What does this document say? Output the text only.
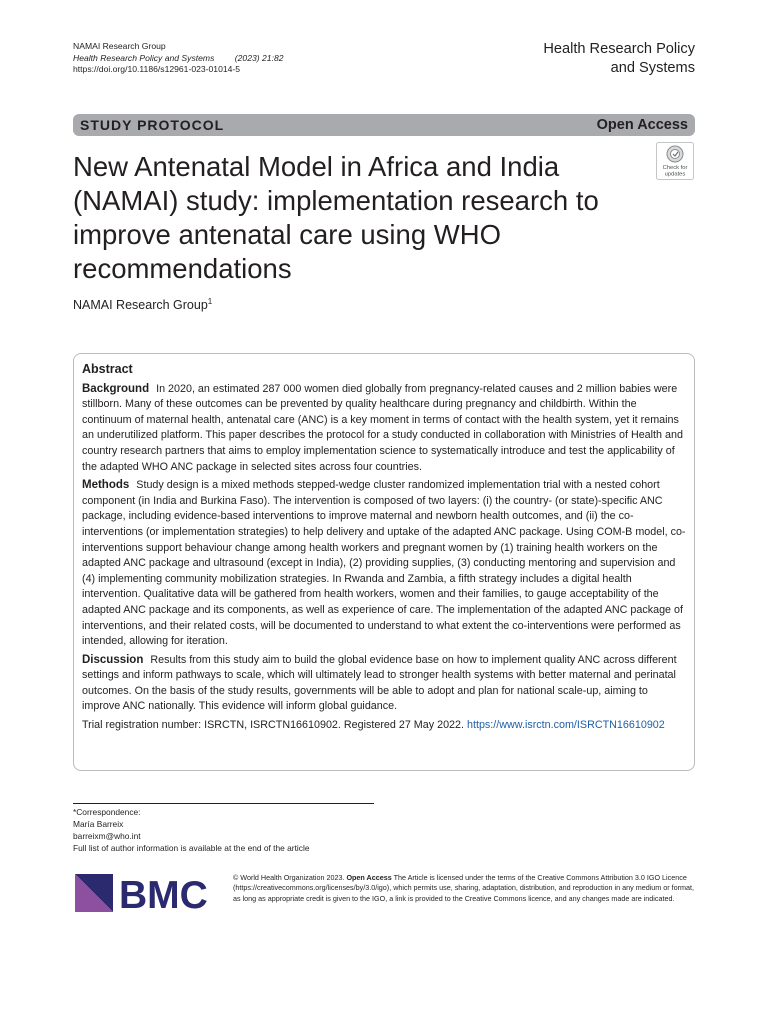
NAMAI Research Group
Health Research Policy and Systems (2023) 21:82
https://doi.org/10.1186/s12961-023-01014-5
Health Research Policy
and Systems
STUDY PROTOCOL	Open Access
New Antenatal Model in Africa and India (NAMAI) study: implementation research to improve antenatal care using WHO recommendations
Check for
updates
NAMAI Research Group$^1$
Abstract

Background In 2020, an estimated 287 000 women died globally from pregnancy-related causes and 2 million babies were stillborn. Many of these outcomes can be prevented by quality healthcare during pregnancy and childbirth. Within the continuum of maternal health, antenatal care (ANC) is a key moment in terms of contact with the health system, yet it remains an underutilized platform. This paper describes the protocol for a study conducted in collaboration with Ministries of Health and country research partners that aims to employ implementation science to systematically introduce and test the applicability of the adapted WHO ANC package in selected sites across four countries.

Methods Study design is a mixed methods stepped-wedge cluster randomized implementation trial with a nested cohort component (in India and Burkina Faso). The intervention is composed of two layers: (i) the country- (or state)-specific ANC package, including evidence-based interventions to improve maternal and newborn health outcomes, and (ii) the co-interventions (or implementation strategies) to help delivery and uptake of the adapted ANC package. Using COM-B model, co-interventions support behaviour change among health workers and pregnant women by (1) training health workers on the adapted ANC package and ultrasound (except in India), (2) providing supplies, (3) conducting mentoring and supervision and (4) implementing community mobilization strategies. In Rwanda and Zambia, a fifth strategy includes a digital health intervention. Qualitative data will be gathered from health workers, women and their families, to gauge acceptability of the adapted ANC package and its components, as well as experience of care. The implementation of the adapted ANC package of interventions, and their related costs, will be documented to understand to what extent the co-interventions were performed as intended, allowing for iteration.

Discussion Results from this study aim to build the global evidence base on how to implement quality ANC across different settings and inform pathways to scale, which will ultimately lead to stronger health systems with better maternal and perinatal outcomes. On the basis of the study results, governments will be able to adopt and plan for national scale-up, aiming to improve ANC nationally. This evidence will inform global guidance.

Trial registration number: ISRCTN, ISRCTN16610902. Registered 27 May 2022. https://www.isrctn.com/ISRCTN16610902

*Correspondence:
María Barreix
barreixm@who.int
Full list of author information is available at the end of the article
BMC	© World Health Organization 2023. Open Access The Article is licensed under the terms of the Creative Commons Attribution 3.0 IGO Licence (https://creativecommons.org/licenses/by/3.0/igo), which permits use, sharing, adaptation, distribution, and reproduction in any medium or format, as long as appropriate credit is given to the IGO, a link is provided to the Creative Commons licence, and any changes made are indicated.
